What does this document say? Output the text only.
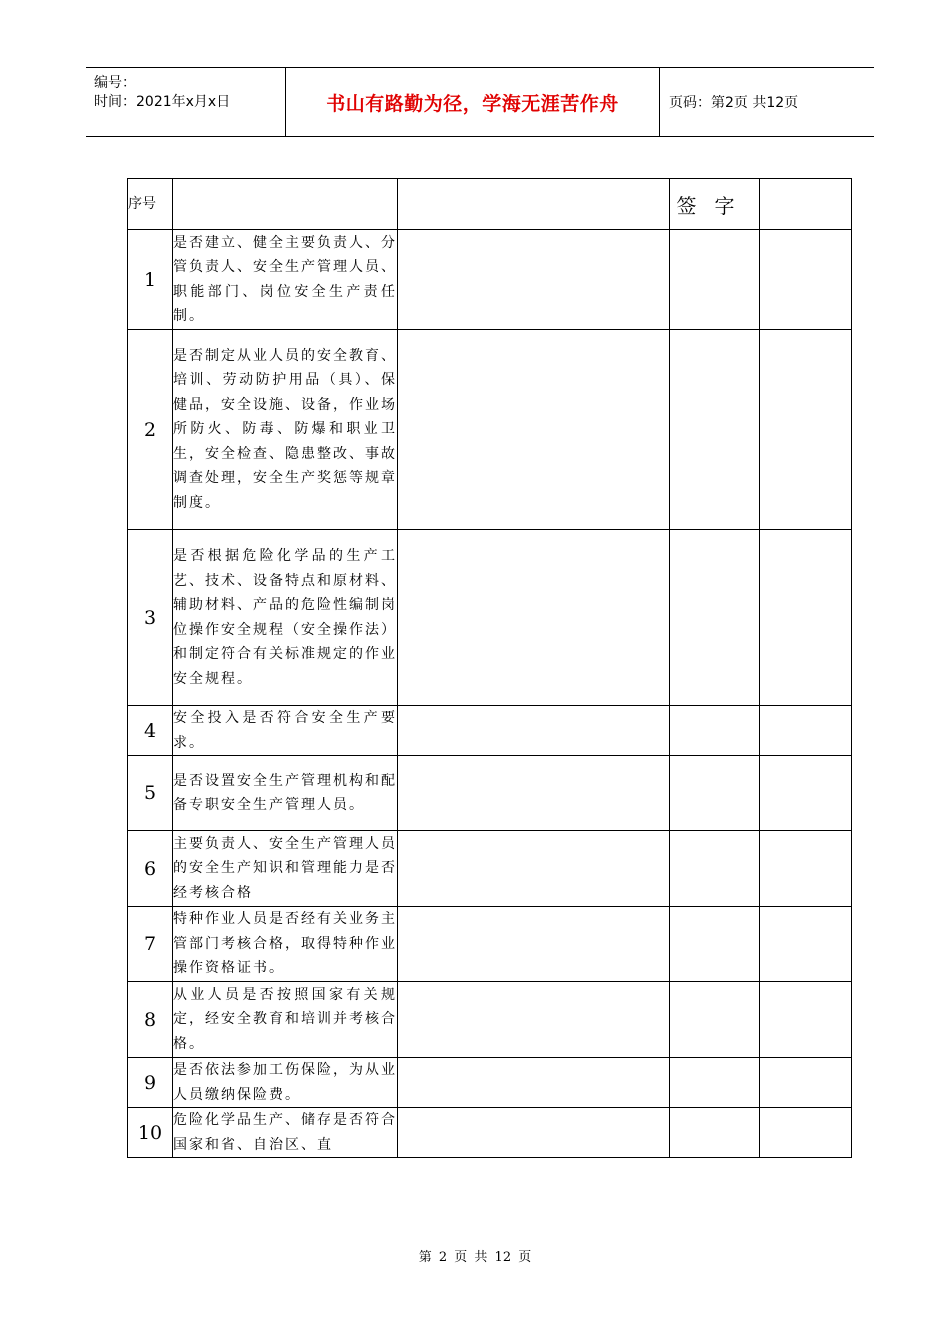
编号：
时间：2021年x月x日	书山有路勤为径，学海无涯苦作舟	页码：第2页 共12页
序号			签字	
1	是否建立、健全主要负责人、分管负责人、安全生产管理人员、职能部门、岗位安全生产责任制。			
2	是否制定从业人员的安全教育、培训、劳动防护用品（具）、保健品，安全设施、设备，作业场所防火、防毒、防爆和职业卫生，安全检查、隐患整改、事故调查处理，安全生产奖惩等规章制度。			
3	是否根据危险化学品的生产工艺、技术、设备特点和原材料、辅助材料、产品的危险性编制岗位操作安全规程（安全操作法）和制定符合有关标准规定的作业安全规程。			
4	安全投入是否符合安全生产要求。			
5	是否设置安全生产管理机构和配备专职安全生产管理人员。			
6	主要负责人、安全生产管理人员的安全生产知识和管理能力是否经考核合格			
7	特种作业人员是否经有关业务主管部门考核合格，取得特种作业操作资格证书。			
8	从业人员是否按照国家有关规定，经安全教育和培训并考核合格。			
9	是否依法参加工伤保险，为从业人员缴纳保险费。			
10	危险化学品生产、储存是否符合国家和省、自治区、直			
第 2 页 共 12 页
